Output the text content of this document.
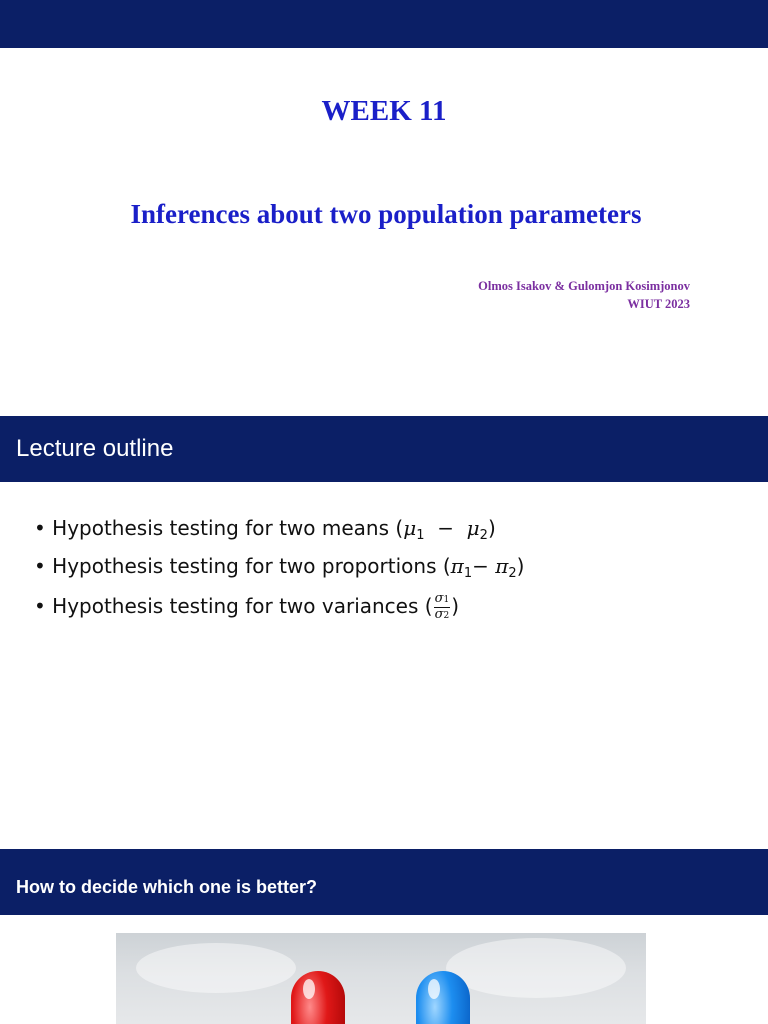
WEEK 11
Inferences about two population parameters
Olmos Isakov & Gulomjon Kosimjonov
WIUT 2023
Lecture outline
• Hypothesis testing for two means $(\mu_1 - \mu_2)$
• Hypothesis testing for two proportions $(\pi_1- \pi_2)$
• Hypothesis testing for two variances ( $\frac{\sigma 1}{\sigma 2}$ )
How to decide which one is better?
